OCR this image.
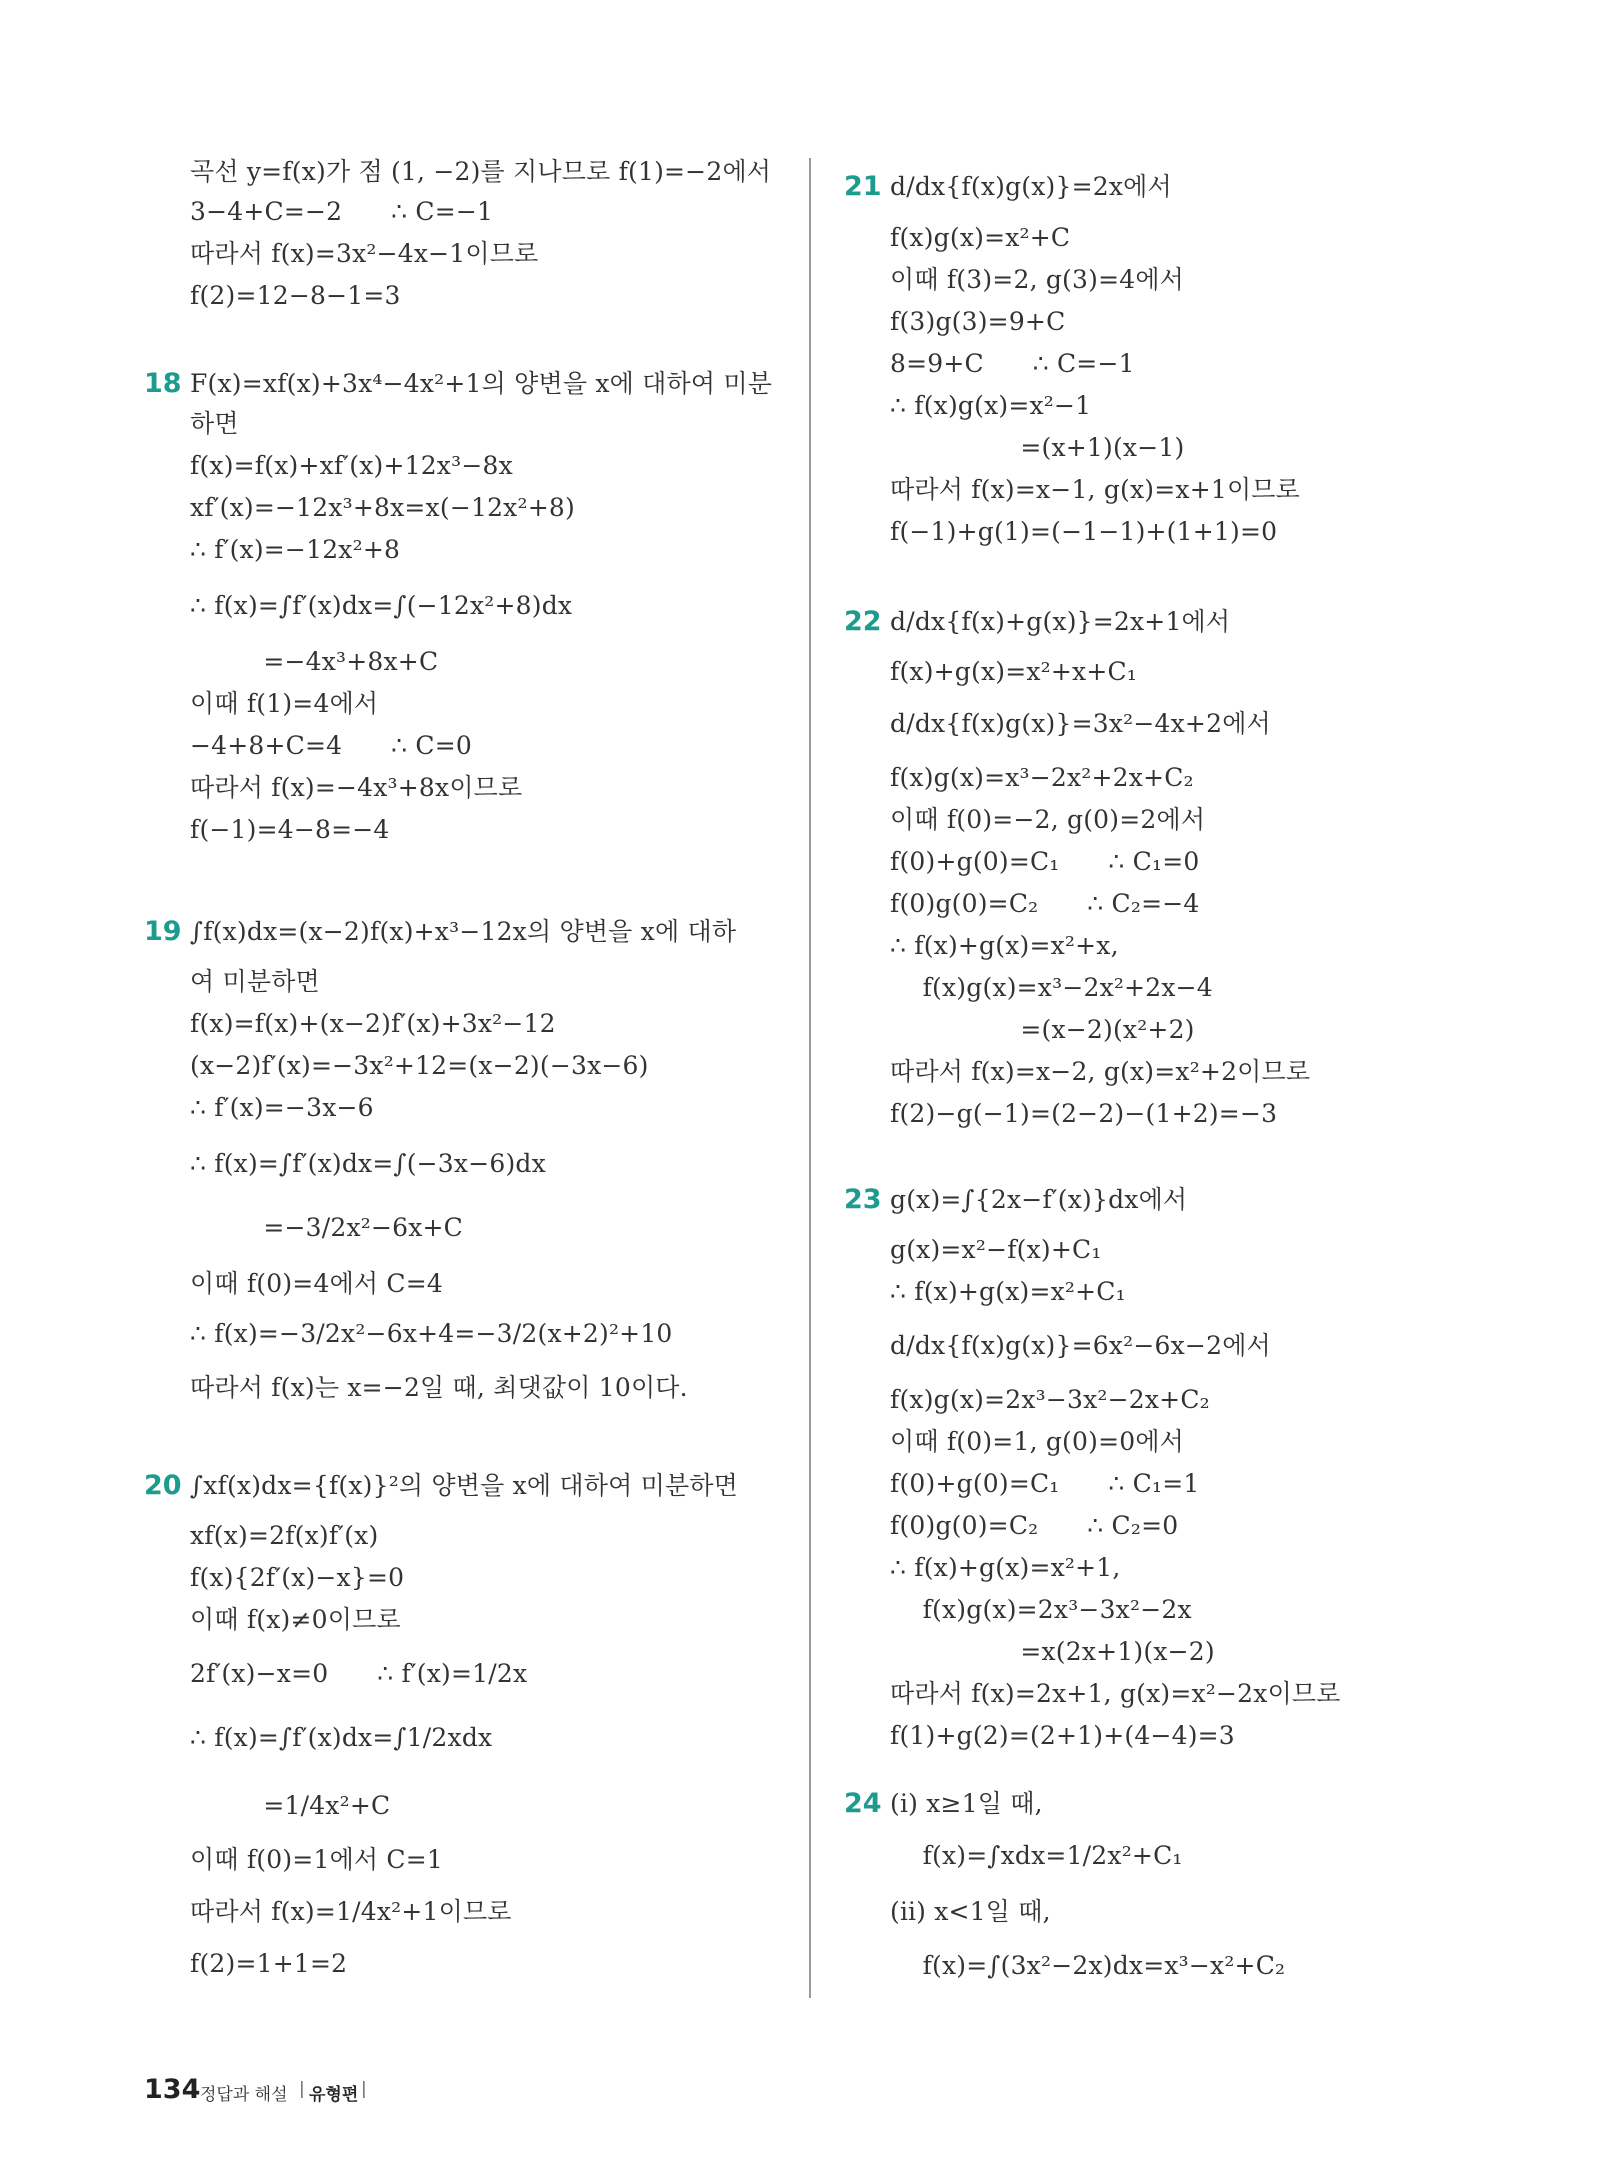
곡선 y=f(x)가 점 (1, −2)를 지나므로 f(1)=−2에서
3−4+C=−2      ∴ C=−1
따라서 f(x)=3x²−4x−1이므로
f(2)=12−8−1=3
18 F(x)=xf(x)+3x⁴−4x²+1의 양변을 x에 대하여 미분
하면
f(x)=f(x)+xf′(x)+12x³−8x
xf′(x)=−12x³+8x=x(−12x²+8)
∴ f′(x)=−12x²+8
∴ f(x)=∫f′(x)dx=∫(−12x²+8)dx
=−4x³+8x+C
이때 f(1)=4에서
−4+8+C=4      ∴ C=0
따라서 f(x)=−4x³+8x이므로
f(−1)=4−8=−4
19 ∫f(x)dx=(x−2)f(x)+x³−12x의 양변을 x에 대하
여 미분하면
f(x)=f(x)+(x−2)f′(x)+3x²−12
(x−2)f′(x)=−3x²+12=(x−2)(−3x−6)
∴ f′(x)=−3x−6
∴ f(x)=∫f′(x)dx=∫(−3x−6)dx
=−3/2x²−6x+C
이때 f(0)=4에서 C=4
∴ f(x)=−3/2x²−6x+4=−3/2(x+2)²+10
따라서 f(x)는 x=−2일 때, 최댓값이 10이다.
20 ∫xf(x)dx={f(x)}²의 양변을 x에 대하여 미분하면
xf(x)=2f(x)f′(x)
f(x){2f′(x)−x}=0
이때 f(x)≠0이므로
2f′(x)−x=0      ∴ f′(x)=1/2x
∴ f(x)=∫f′(x)dx=∫1/2xdx
=1/4x²+C
이때 f(0)=1에서 C=1
따라서 f(x)=1/4x²+1이므로
f(2)=1+1=2
21 d/dx{f(x)g(x)}=2x에서
f(x)g(x)=x²+C
이때 f(3)=2, g(3)=4에서
f(3)g(3)=9+C
8=9+C      ∴ C=−1
∴ f(x)g(x)=x²−1
=(x+1)(x−1)
따라서 f(x)=x−1, g(x)=x+1이므로
f(−1)+g(1)=(−1−1)+(1+1)=0
22 d/dx{f(x)+g(x)}=2x+1에서
f(x)+g(x)=x²+x+C₁
d/dx{f(x)g(x)}=3x²−4x+2에서
f(x)g(x)=x³−2x²+2x+C₂
이때 f(0)=−2, g(0)=2에서
f(0)+g(0)=C₁      ∴ C₁=0
f(0)g(0)=C₂      ∴ C₂=−4
∴ f(x)+g(x)=x²+x,
f(x)g(x)=x³−2x²+2x−4
=(x−2)(x²+2)
따라서 f(x)=x−2, g(x)=x²+2이므로
f(2)−g(−1)=(2−2)−(1+2)=−3
23 g(x)=∫{2x−f′(x)}dx에서
g(x)=x²−f(x)+C₁
∴ f(x)+g(x)=x²+C₁
d/dx{f(x)g(x)}=6x²−6x−2에서
f(x)g(x)=2x³−3x²−2x+C₂
이때 f(0)=1, g(0)=0에서
f(0)+g(0)=C₁      ∴ C₁=1
f(0)g(0)=C₂      ∴ C₂=0
∴ f(x)+g(x)=x²+1,
f(x)g(x)=2x³−3x²−2x
=x(2x+1)(x−2)
따라서 f(x)=2x+1, g(x)=x²−2x이므로
f(1)+g(2)=(2+1)+(4−4)=3
24 (ⅰ) x≥1일 때,
f(x)=∫xdx=1/2x²+C₁
(ⅱ) x<1일 때,
f(x)=∫(3x²−2x)dx=x³−x²+C₂
134 정답과 해설 | 유형편 |
